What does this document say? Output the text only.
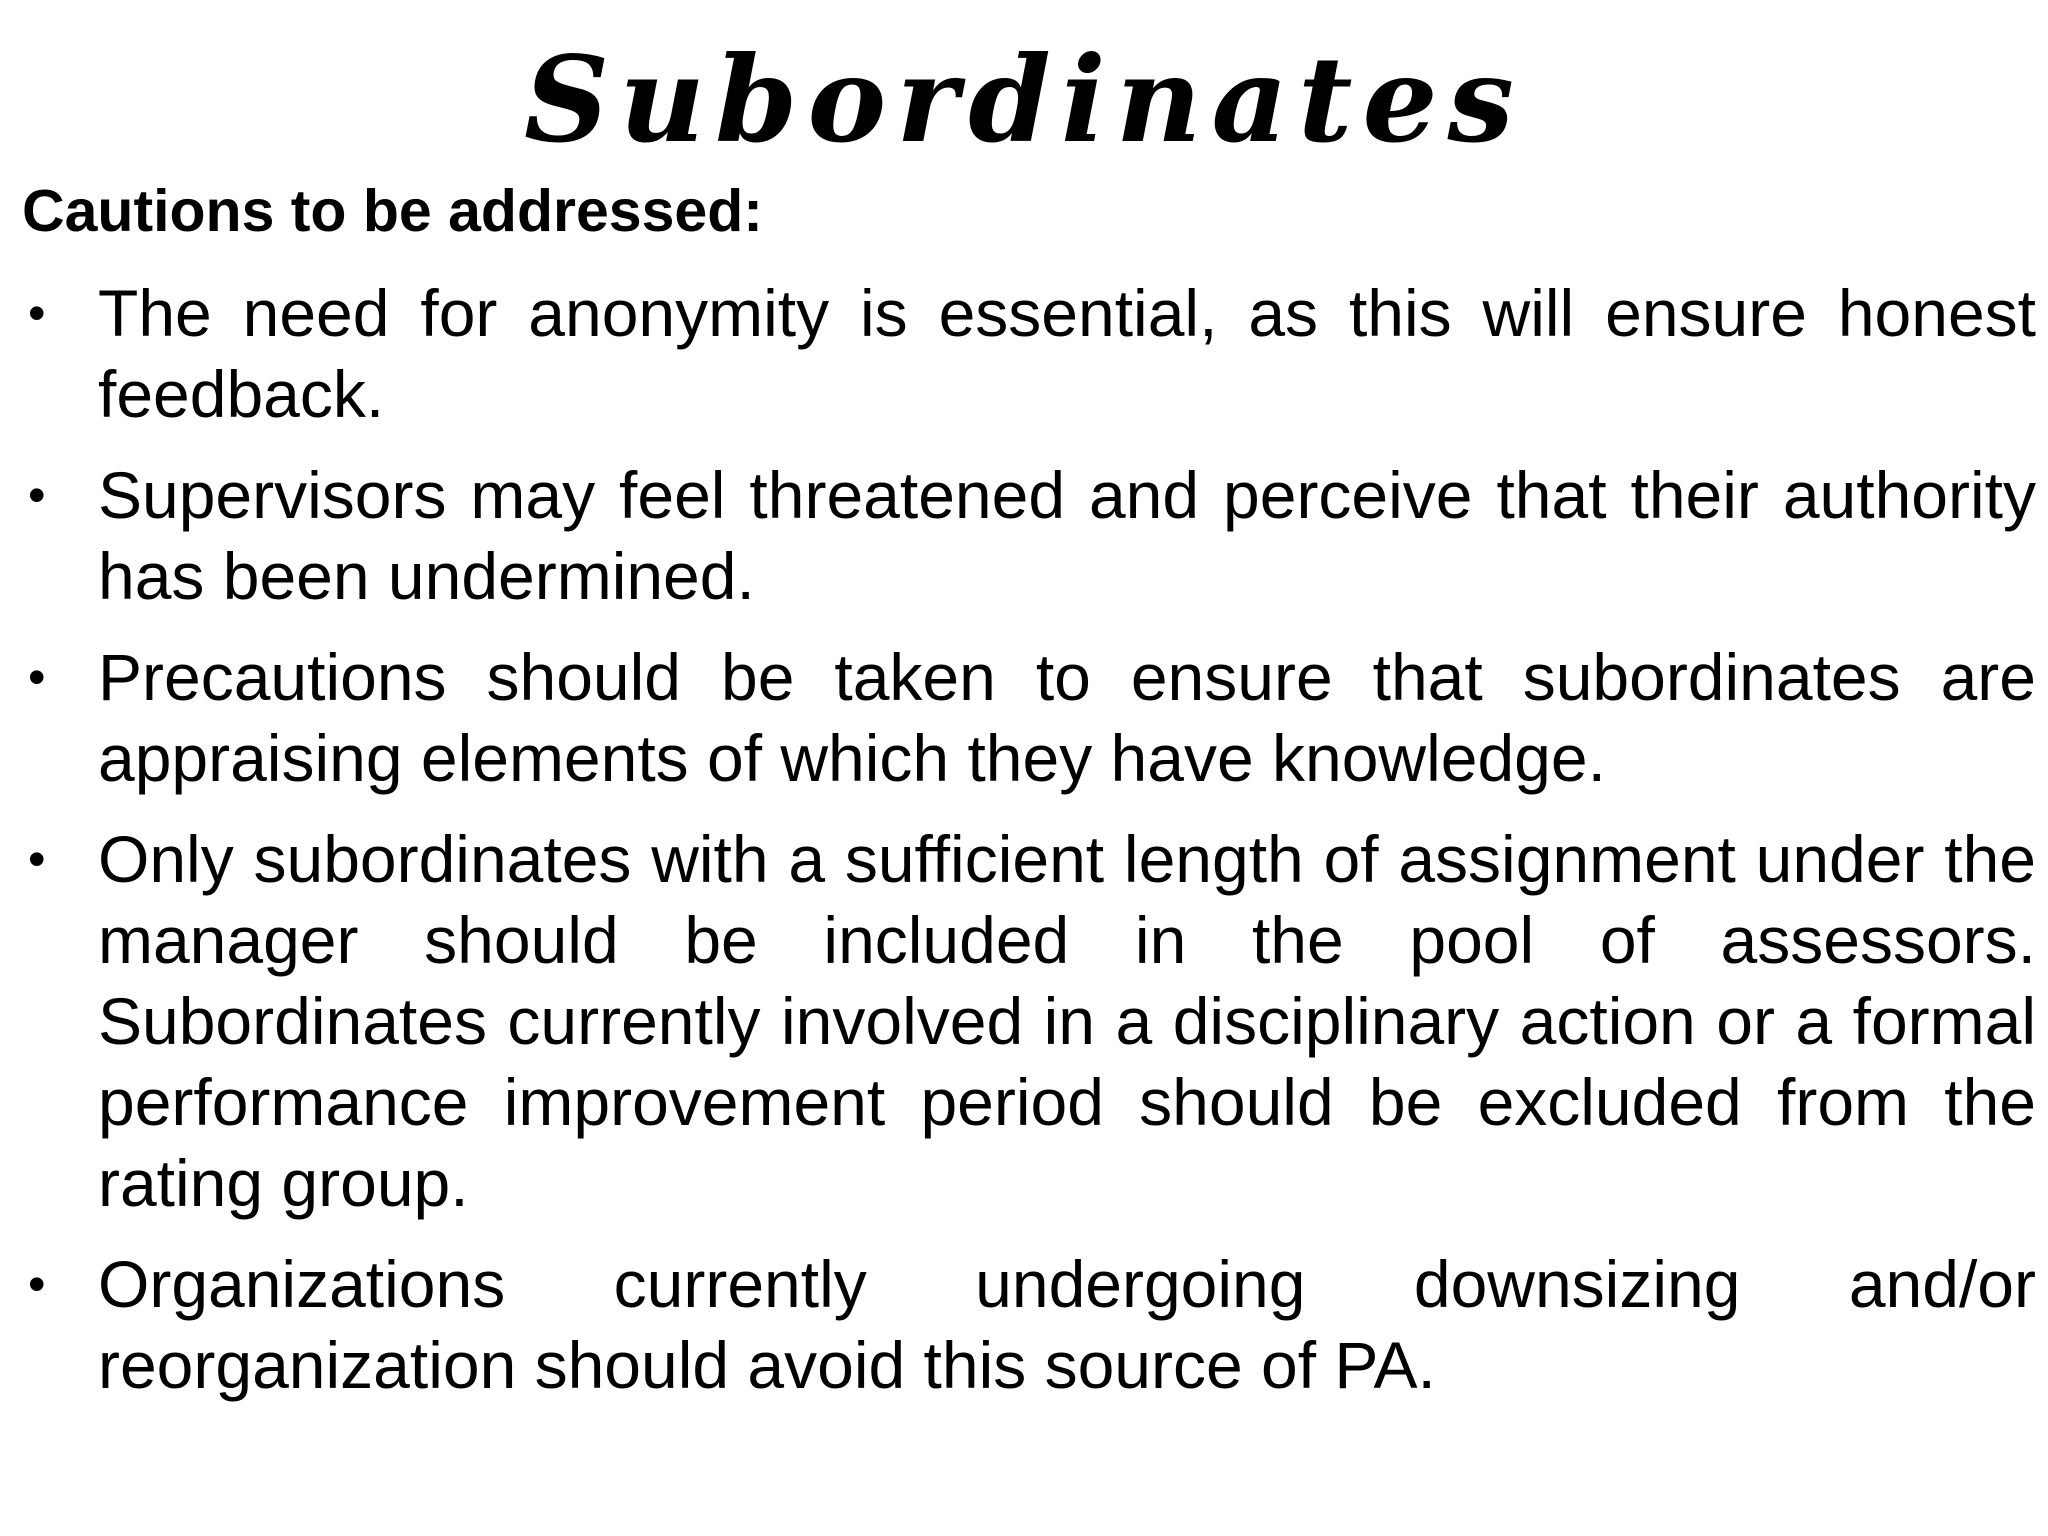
Subordinates

Cautions to be addressed:

• The need for anonymity is essential, as this will ensure honest feedback.
• Supervisors may feel threatened and perceive that their authority has been undermined.
• Precautions should be taken to ensure that subordinates are appraising elements of which they have knowledge.
• Only subordinates with a sufficient length of assignment under the manager should be included in the pool of assessors. Subordinates currently involved in a disciplinary action or a formal performance improvement period should be excluded from the rating group.
• Organizations currently undergoing downsizing and/or reorganization should avoid this source of PA.
